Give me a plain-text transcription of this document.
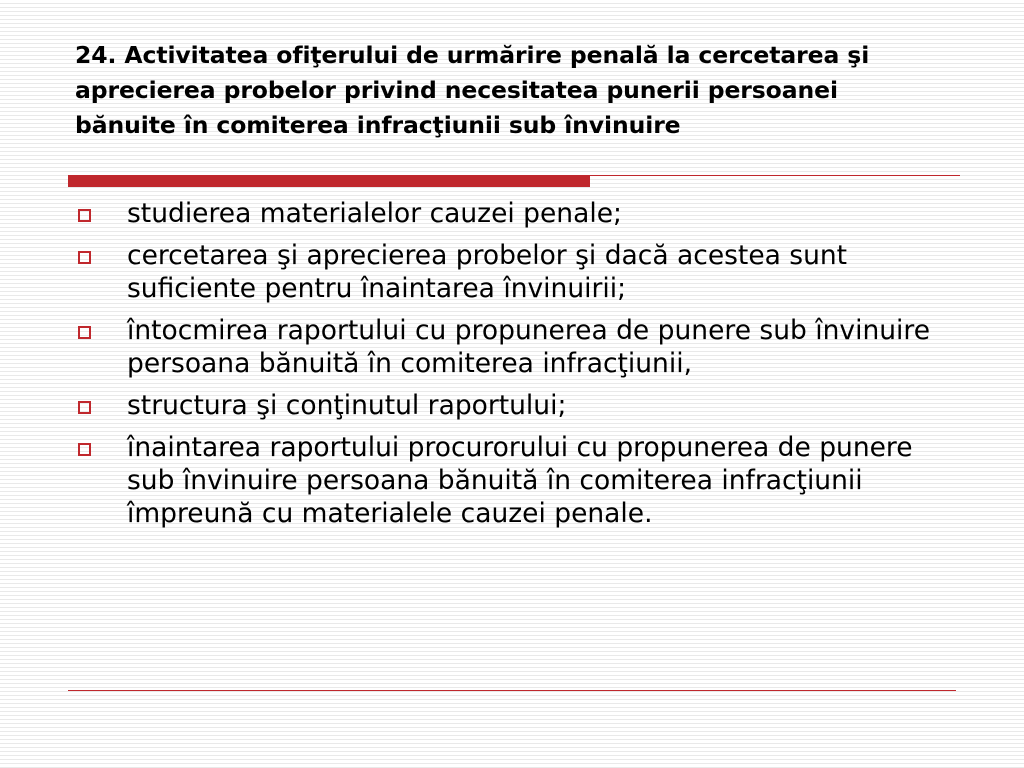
24. Activitatea ofiţerului de urmărire penală la cercetarea şi aprecierea probelor privind necesitatea punerii persoanei bănuite în comiterea infracţiunii sub învinuire
studierea materialelor cauzei penale;
cercetarea şi aprecierea probelor şi dacă acestea sunt suficiente pentru înaintarea învinuirii;
întocmirea raportului cu propunerea de punere sub învinuire persoana bănuită în comiterea infracţiunii,
structura şi conţinutul raportului;
înaintarea raportului procurorului cu propunerea de punere sub învinuire persoana bănuită în comiterea infracţiunii împreună cu materialele cauzei penale.
